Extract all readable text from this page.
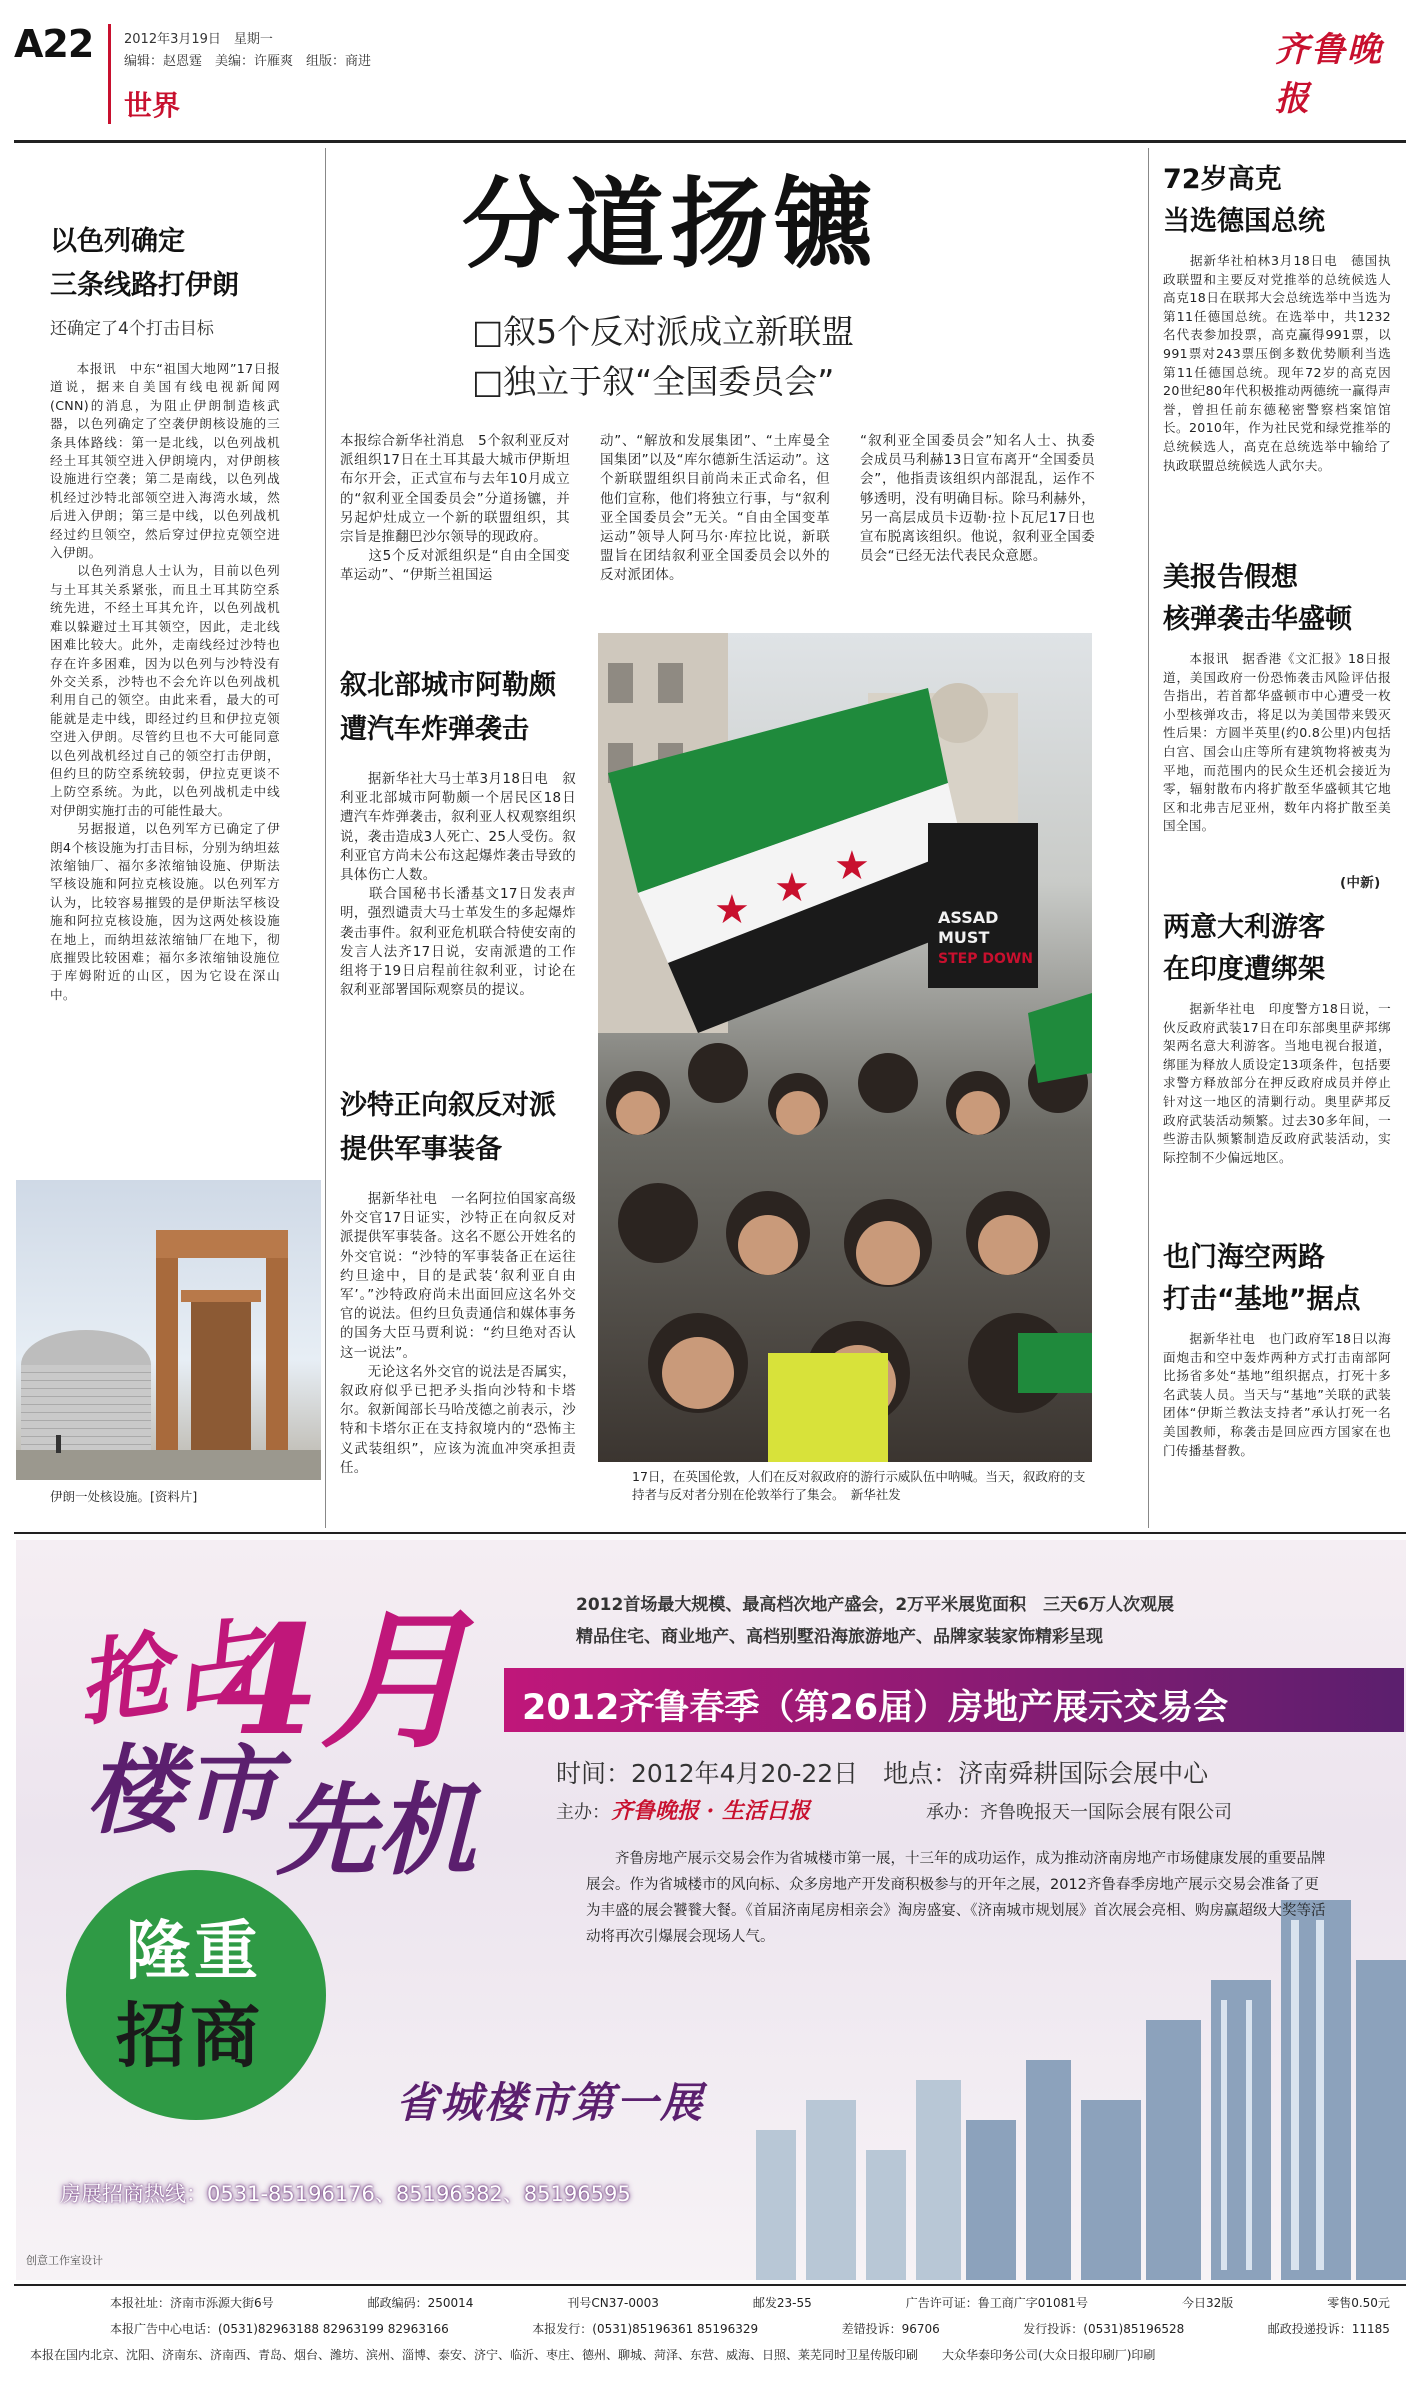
A22 2012年3月19日　星期一
编辑：赵恩霆　美编：许雁爽　组版：商进
世界
齐鲁晚报
以色列确定
三条线路打伊朗
还确定了4个打击目标
　　本报讯　中东“祖国大地网”17日报道说，据来自美国有线电视新闻网(CNN)的消息，为阻止伊朗制造核武器，以色列确定了空袭伊朗核设施的三条具体路线：第一是北线，以色列战机经土耳其领空进入伊朗境内，对伊朗核设施进行空袭；第二是南线，以色列战机经过沙特北部领空进入海湾水域，然后进入伊朗；第三是中线，以色列战机经过约旦领空，然后穿过伊拉克领空进入伊朗。
　　以色列消息人士认为，目前以色列与土耳其关系紧张，而且土耳其防空系统先进，不经土耳其允许，以色列战机难以躲避过土耳其领空，因此，走北线困难比较大。此外，走南线经过沙特也存在许多困难，因为以色列与沙特没有外交关系，沙特也不会允许以色列战机利用自己的领空。由此来看，最大的可能就是走中线，即经过约旦和伊拉克领空进入伊朗。尽管约旦也不大可能同意以色列战机经过自己的领空打击伊朗，但约旦的防空系统较弱，伊拉克更谈不上防空系统。为此，以色列战机走中线对伊朗实施打击的可能性最大。
　　另据报道，以色列军方已确定了伊朗4个核设施为打击目标，分别为纳坦兹浓缩铀厂、福尔多浓缩铀设施、伊斯法罕核设施和阿拉克核设施。以色列军方认为，比较容易摧毁的是伊斯法罕核设施和阿拉克核设施，因为这两处核设施在地上，而纳坦兹浓缩铀厂在地下，彻底摧毁比较困难；福尔多浓缩铀设施位于库姆附近的山区，因为它设在深山中。
伊朗一处核设施。[资料片]
分道扬镳
□叙5个反对派成立新联盟
□独立于叙“全国委员会”
本报综合新华社消息　5个叙利亚反对派组织17日在土耳其最大城市伊斯坦布尔开会，正式宣布与去年10月成立的“叙利亚全国委员会”分道扬镳，并另起炉灶成立一个新的联盟组织，其宗旨是推翻巴沙尔领导的现政府。
　　这5个反对派组织是“自由全国变革运动”、“伊斯兰祖国运
动”、“解放和发展集团”、“土库曼全国集团”以及“库尔德新生活运动”。这个新联盟组织目前尚未正式命名，但他们宣称，他们将独立行事，与“叙利亚全国委员会”无关。“自由全国变革运动”领导人阿马尔·库拉比说，新联盟旨在团结叙利亚全国委员会以外的反对派团体。
“叙利亚全国委员会”知名人士、执委会成员马利赫13日宣布离开“全国委员会”，他指责该组织内部混乱，运作不够透明，没有明确目标。除马利赫外，另一高层成员卡迈勒·拉卜瓦尼17日也宣布脱离该组织。他说，叙利亚全国委员会“已经无法代表民众意愿。
★ ★ ★
ASSAD
MUST
STEP DOWN
17日，在英国伦敦，人们在反对叙政府的游行示威队伍中呐喊。当天，叙政府的支持者与反对者分别在伦敦举行了集会。　新华社发
叙北部城市阿勒颇
遭汽车炸弹袭击
　　据新华社大马士革3月18日电　叙利亚北部城市阿勒颇一个居民区18日遭汽车炸弹袭击，叙利亚人权观察组织说，袭击造成3人死亡、25人受伤。叙利亚官方尚未公布这起爆炸袭击导致的具体伤亡人数。
　　联合国秘书长潘基文17日发表声明，强烈谴责大马士革发生的多起爆炸袭击事件。叙利亚危机联合特使安南的发言人法齐17日说，安南派遣的工作组将于19日启程前往叙利亚，讨论在叙利亚部署国际观察员的提议。
沙特正向叙反对派
提供军事装备
　　据新华社电　一名阿拉伯国家高级外交官17日证实，沙特正在向叙反对派提供军事装备。这名不愿公开姓名的外交官说：“沙特的军事装备正在运往约旦途中，目的是武装‘叙利亚自由军’。”沙特政府尚未出面回应这名外交官的说法。但约旦负责通信和媒体事务的国务大臣马贾利说：“约旦绝对否认这一说法”。
　　无论这名外交官的说法是否属实，叙政府似乎已把矛头指向沙特和卡塔尔。叙新闻部长马哈茂德之前表示，沙特和卡塔尔正在支持叙境内的“恐怖主义武装组织”，应该为流血冲突承担责任。
72岁高克
当选德国总统
　　据新华社柏林3月18日电　德国执政联盟和主要反对党推举的总统候选人高克18日在联邦大会总统选举中当选为第11任德国总统。在选举中，共1232名代表参加投票，高克赢得991票，以991票对243票压倒多数优势顺利当选第11任德国总统。现年72岁的高克因20世纪80年代积极推动两德统一赢得声誉，曾担任前东德秘密警察档案馆馆长。2010年，作为社民党和绿党推举的总统候选人，高克在总统选举中输给了执政联盟总统候选人武尔夫。
美报告假想
核弹袭击华盛顿
　　本报讯　据香港《文汇报》18日报道，美国政府一份恐怖袭击风险评估报告指出，若首都华盛顿市中心遭受一枚小型核弹攻击，将足以为美国带来毁灭性后果：方圆半英里(约0.8公里)内包括白宫、国会山庄等所有建筑物将被夷为平地，而范围内的民众生还机会接近为零，辐射散布内将扩散至华盛顿其它地区和北弗吉尼亚州，数年内将扩散至美国全国。
(中新)
两意大利游客
在印度遭绑架
　　据新华社电　印度警方18日说，一伙反政府武装17日在印东部奥里萨邦绑架两名意大利游客。当地电视台报道，绑匪为释放人质设定13项条件，包括要求警方释放部分在押反政府成员并停止针对这一地区的清剿行动。奥里萨邦反政府武装活动频繁。过去30多年间，一些游击队频繁制造反政府武装活动，实际控制不少偏远地区。
也门海空两路
打击“基地”据点
　　据新华社电　也门政府军18日以海面炮击和空中轰炸两种方式打击南部阿比扬省多处“基地”组织据点，打死十多名武装人员。当天与“基地”关联的武装团体“伊斯兰教法支持者”承认打死一名美国教师，称袭击是回应西方国家在也门传播基督教。
抢占
4月
楼市
先机
隆重
招商
2012首场最大规模、最高档次地产盛会，2万平米展览面积　三天6万人次观展
精品住宅、商业地产、高档别墅沿海旅游地产、品牌家装家饰精彩呈现
2012齐鲁春季（第26届）房地产展示交易会
时间：2012年4月20-22日　地点：济南舜耕国际会展中心
主办： 齐鲁晚报 · 生活日报	承办：齐鲁晚报天一国际会展有限公司
　　齐鲁房地产展示交易会作为省城楼市第一展，十三年的成功运作，成为推动济南房地产市场健康发展的重要品牌展会。作为省城楼市的风向标、众多房地产开发商积极参与的开年之展，2012齐鲁春季房地产展示交易会准备了更为丰盛的展会饕餮大餐。《首届济南尾房相亲会》淘房盛宴、《济南城市规划展》首次展会亮相、购房赢超级大奖等活动将再次引爆展会现场人气。
省城楼市第一展
房展招商热线：0531-85196176、85196382、85196595
创意工作室设计
本报社址：济南市泺源大街6号	邮政编码：250014	刊号CN37-0003	邮发23-55	广告许可证：鲁工商广字01081号	今日32版	零售0.50元
本报广告中心电话：(0531)82963188 82963199 82963166	本报发行：(0531)85196361 85196329	差错投诉：96706	发行投诉：(0531)85196528	邮政投递投诉：11185
本报在国内北京、沈阳、济南东、济南西、青岛、烟台、潍坊、滨州、淄博、泰安、济宁、临沂、枣庄、德州、聊城、菏泽、东营、威海、日照、莱芜同时卫星传版印刷　　大众华泰印务公司(大众日报印刷厂)印刷
